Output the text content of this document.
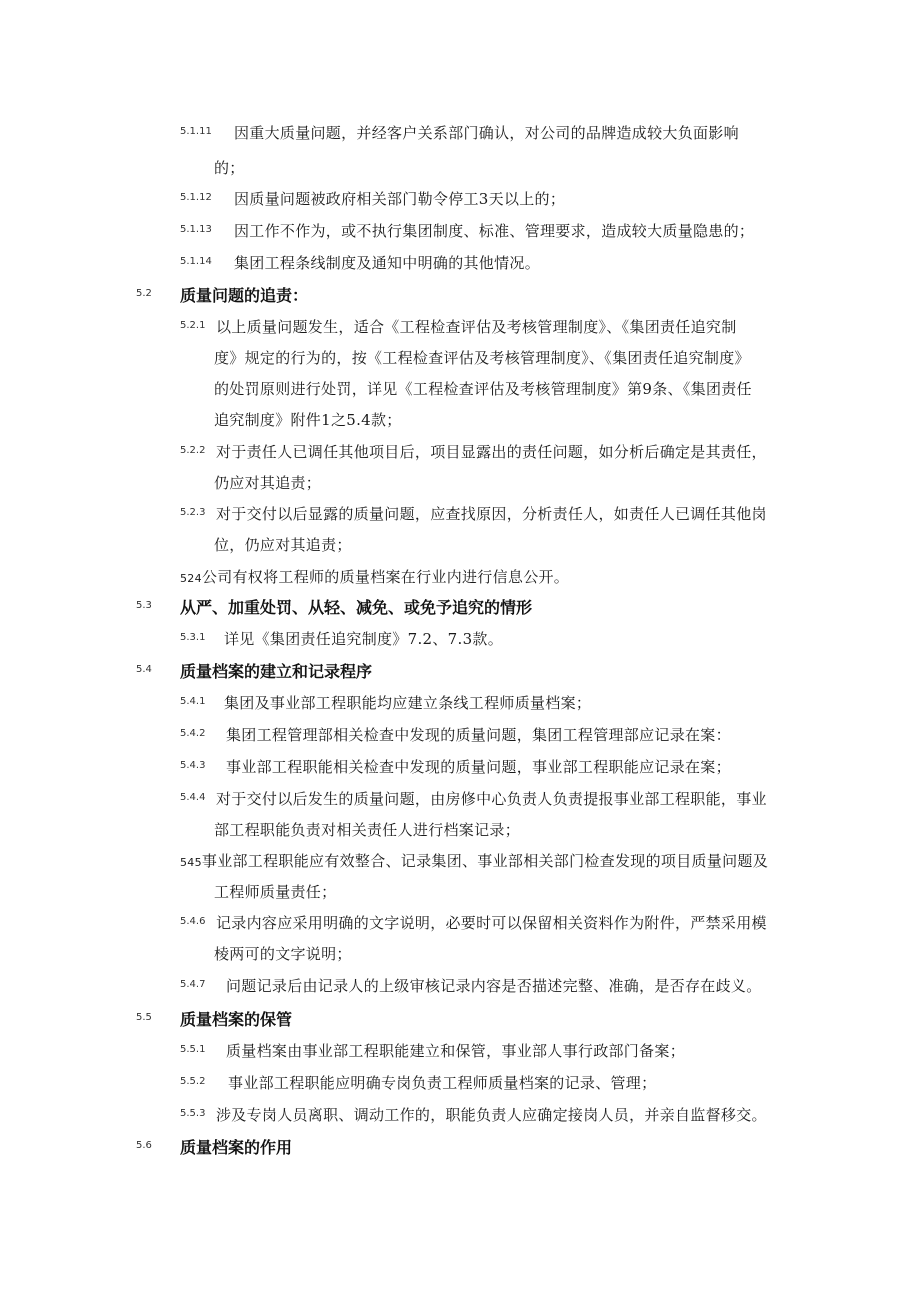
5.1.11 因重大质量问题，并经客户关系部门确认，对公司的品牌造成较大负面影响
的；
5.1.12 因质量问题被政府相关部门勒令停工3天以上的；
5.1.13 因工作不作为，或不执行集团制度、标准、管理要求，造成较大质量隐患的；
5.1.14 集团工程条线制度及通知中明确的其他情况。
5.2 质量问题的追责：
5.2.1 以上质量问题发生，适合《工程检查评估及考核管理制度》、《集团责任追究制
度》规定的行为的，按《工程检查评估及考核管理制度》、《集团责任追究制度》
的处罚原则进行处罚，详见《工程检查评估及考核管理制度》第9条、《集团责任
追究制度》附件1之5.4款；
5.2.2 对于责任人已调任其他项目后，项目显露出的责任问题，如分析后确定是其责任，
仍应对其追责；
5.2.3 对于交付以后显露的质量问题，应查找原因，分析责任人，如责任人已调任其他岗
位，仍应对其追责；
524公司有权将工程师的质量档案在行业内进行信息公开。
5.3 从严、加重处罚、从轻、减免、或免予追究的情形
5.3.1 详见《集团责任追究制度》7.2、7.3款。
5.4 质量档案的建立和记录程序
5.4.1 集团及事业部工程职能均应建立条线工程师质量档案；
5.4.2 集团工程管理部相关检查中发现的质量问题，集团工程管理部应记录在案：
5.4.3 事业部工程职能相关检查中发现的质量问题，事业部工程职能应记录在案；
5.4.4 对于交付以后发生的质量问题，由房修中心负责人负责提报事业部工程职能，事业
部工程职能负责对相关责任人进行档案记录；
545事业部工程职能应有效整合、记录集团、事业部相关部门检查发现的项目质量问题及
工程师质量责任；
5.4.6 记录内容应采用明确的文字说明，必要时可以保留相关资料作为附件，严禁采用模
棱两可的文字说明；
5.4.7 问题记录后由记录人的上级审核记录内容是否描述完整、准确，是否存在歧义。
5.5 质量档案的保管
5.5.1 质量档案由事业部工程职能建立和保管，事业部人事行政部门备案；
5.5.2 事业部工程职能应明确专岗负责工程师质量档案的记录、管理；
5.5.3 涉及专岗人员离职、调动工作的，职能负责人应确定接岗人员，并亲自监督移交。
5.6 质量档案的作用
